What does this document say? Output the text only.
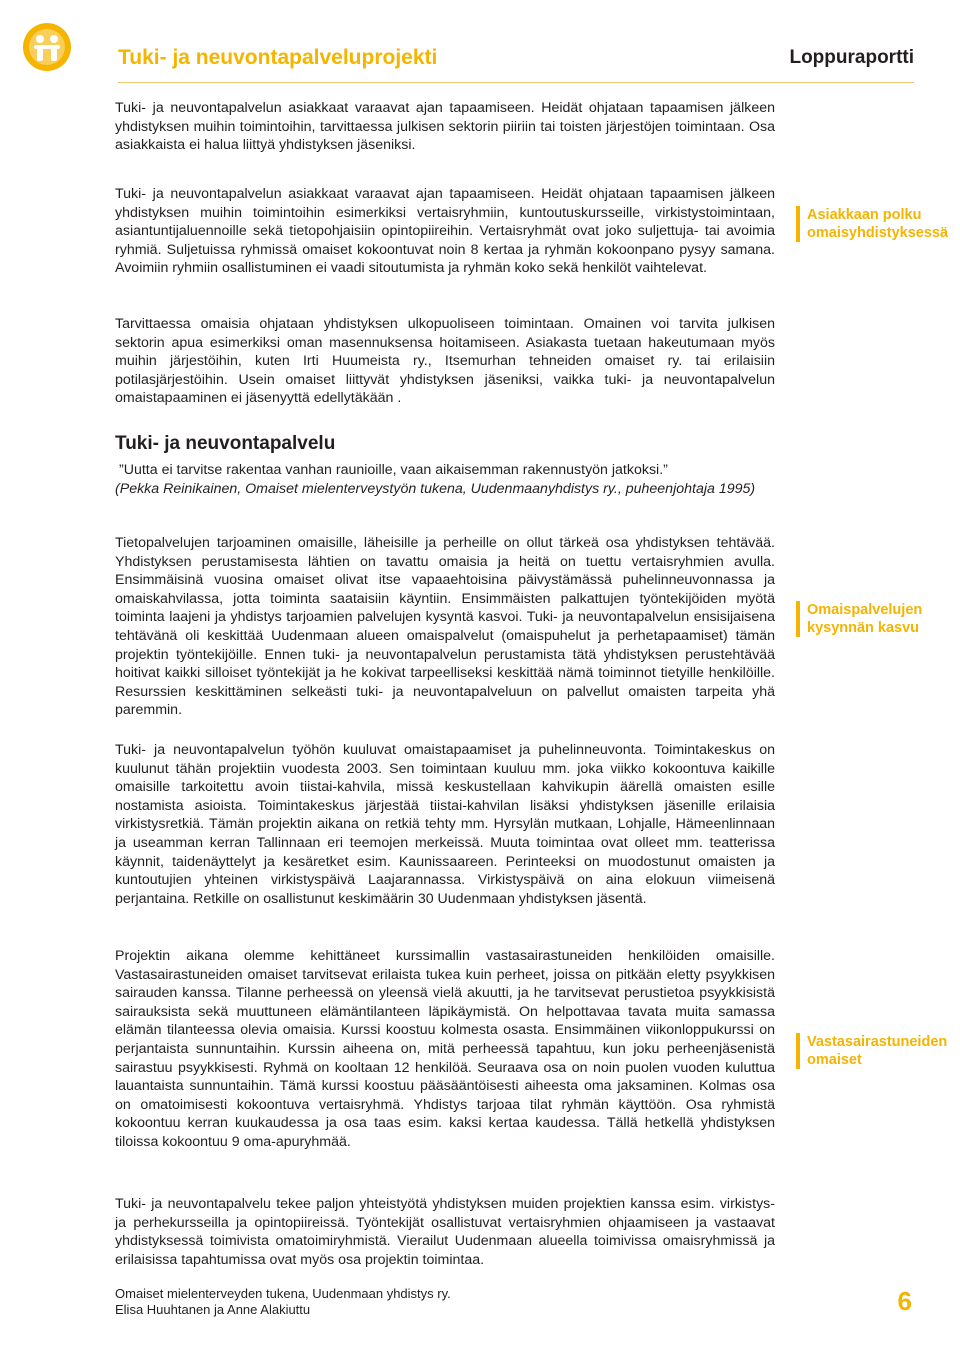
Tuki- ja neuvontapalveluprojekti	Loppuraportti

Tuki- ja neuvontapalvelun asiakkaat varaavat ajan tapaamiseen. Heidät ohjataan tapaamisen jälkeen yhdistyksen muihin toimintoihin, tarvittaessa julkisen sektorin piiriin tai toisten järjestöjen toimintaan. Osa asiakkaista ei halua liittyä yhdistyksen jäseniksi.

Tuki- ja neuvontapalvelun asiakkaat varaavat ajan tapaamiseen. Heidät ohjataan tapaamisen jälkeen yhdistyksen muihin toimintoihin esimerkiksi vertaisryhmiin, kuntoutuskursseille, virkistystoimintaan, asiantuntijaluennoille sekä tietopohjaisiin opintopiireihin. Vertaisryhmät ovat joko suljettuja- tai avoimia ryhmiä. Suljetuissa ryhmissä omaiset kokoontuvat noin 8 kertaa ja ryhmän kokoonpano pysyy samana. Avoimiin ryhmiin osallistuminen ei vaadi sitoutumista ja ryhmän koko sekä henkilöt vaihtelevat.

Tarvittaessa omaisia ohjataan yhdistyksen ulkopuoliseen toimintaan. Omainen voi tarvita julkisen sektorin apua esimerkiksi oman masennuksensa hoitamiseen. Asiakasta tuetaan hakeutumaan myös muihin järjestöihin, kuten Irti Huumeista ry., Itsemurhan tehneiden omaiset ry. tai erilaisiin potilasjärjestöihin. Usein omaiset liittyvät yhdistyksen jäseniksi, vaikka tuki- ja neuvontapalvelun omaistapaaminen ei jäsenyyttä edellytäkään .

Tuki- ja neuvontapalvelu

”Uutta ei tarvitse rakentaa vanhan raunioille, vaan aikaisemman rakennustyön jatkoksi.”
(Pekka Reinikainen, Omaiset mielenterveystyön tukena, Uudenmaanyhdistys ry., puheenjohtaja 1995)

Tietopalvelujen tarjoaminen omaisille, läheisille ja perheille on ollut tärkeä osa yhdistyksen tehtävää. Yhdistyksen perustamisesta lähtien on tavattu omaisia ja heitä on tuettu vertaisryhmien avulla. Ensimmäisinä vuosina omaiset olivat itse vapaaehtoisina päivystämässä puhelinneuvonnassa ja omaiskahvilassa, jotta toiminta saataisiin käyntiin. Ensimmäisten palkattujen työntekijöiden myötä toiminta laajeni ja yhdistys tarjoamien palvelujen kysyntä kasvoi. Tuki- ja neuvontapalvelun ensisijaisena tehtävänä oli keskittää Uudenmaan alueen omaispalvelut (omaispuhelut ja perhetapaamiset) tämän projektin työntekijöille. Ennen tuki- ja neuvontapalvelun perustamista tätä yhdistyksen perustehtävää hoitivat kaikki silloiset työntekijät ja he kokivat tarpeelliseksi keskittää nämä toiminnot tietyille henkilöille. Resurssien keskittäminen selkeästi tuki- ja neuvontapalveluun on palvellut omaisten tarpeita yhä paremmin.

Tuki- ja neuvontapalvelun työhön kuuluvat omaistapaamiset ja puhelinneuvonta. Toimintakeskus on kuulunut tähän projektiin vuodesta 2003. Sen toimintaan kuuluu mm. joka viikko kokoontuva kaikille omaisille tarkoitettu avoin tiistai-kahvila, missä keskustellaan kahvikupin äärellä omaisten esille nostamista asioista. Toimintakeskus järjestää tiistai-kahvilan lisäksi yhdistyksen jäsenille erilaisia virkistysretkiä. Tämän projektin aikana on retkiä tehty mm. Hyrsylän mutkaan, Lohjalle, Hämeenlinnaan ja useamman kerran Tallinnaan eri teemojen merkeissä. Muuta toimintaa ovat olleet mm. teatterissa käynnit, taidenäyttelyt ja kesäretket esim. Kaunissaareen. Perinteeksi on muodostunut omaisten ja kuntoutujien yhteinen virkistyspäivä Laajarannassa. Virkistyspäivä on aina elokuun viimeisenä perjantaina. Retkille on osallistunut keskimäärin 30 Uudenmaan yhdistyksen jäsentä.

Projektin aikana olemme kehittäneet kurssimallin vastasairastuneiden henkilöiden omaisille. Vastasairastuneiden omaiset tarvitsevat erilaista tukea kuin perheet, joissa on pitkään eletty psyykkisen sairauden kanssa. Tilanne perheessä on yleensä vielä akuutti, ja he tarvitsevat perustietoa psyykkisistä sairauksista sekä muuttuneen elämäntilanteen läpikäymistä. On helpottavaa tavata muita samassa elämän tilanteessa olevia omaisia. Kurssi koostuu kolmesta osasta. Ensimmäinen viikonloppukurssi on perjantaista sunnuntaihin. Kurssin aiheena on, mitä perheessä tapahtuu, kun joku perheenjäsenistä sairastuu psyykkisesti. Ryhmä on kooltaan 12 henkilöä. Seuraava osa on noin puolen vuoden kuluttua lauantaista sunnuntaihin. Tämä kurssi koostuu pääsääntöisesti aiheesta oma jaksaminen. Kolmas osa on omatoimisesti kokoontuva vertaisryhmä. Yhdistys tarjoaa tilat ryhmän käyttöön. Osa ryhmistä kokoontuu kerran kuukaudessa ja osa taas esim. kaksi kertaa kaudessa. Tällä hetkellä yhdistyksen tiloissa kokoontuu 9 oma-apuryhmää.

Tuki- ja neuvontapalvelu tekee paljon yhteistyötä yhdistyksen muiden projektien kanssa esim. virkistys- ja perhekursseilla ja opintopiireissä. Työntekijät osallistuvat vertaisryhmien ohjaamiseen ja vastaavat yhdistyksessä toimivista omatoimiryhmistä. Vierailut Uudenmaan alueella toimivissa omaisryhmissä ja erilaisissa tapahtumissa ovat myös osa projektin toimintaa.

Asiakkaan polku omaisyhdistyksessä
Omaispalvelujen kysynnän kasvu
Vastasairastuneiden omaiset
Omaiset mielenterveyden tukena, Uudenmaan yhdistys ry.
Elisa Huuhtanen ja Anne Alakiuttu	6
